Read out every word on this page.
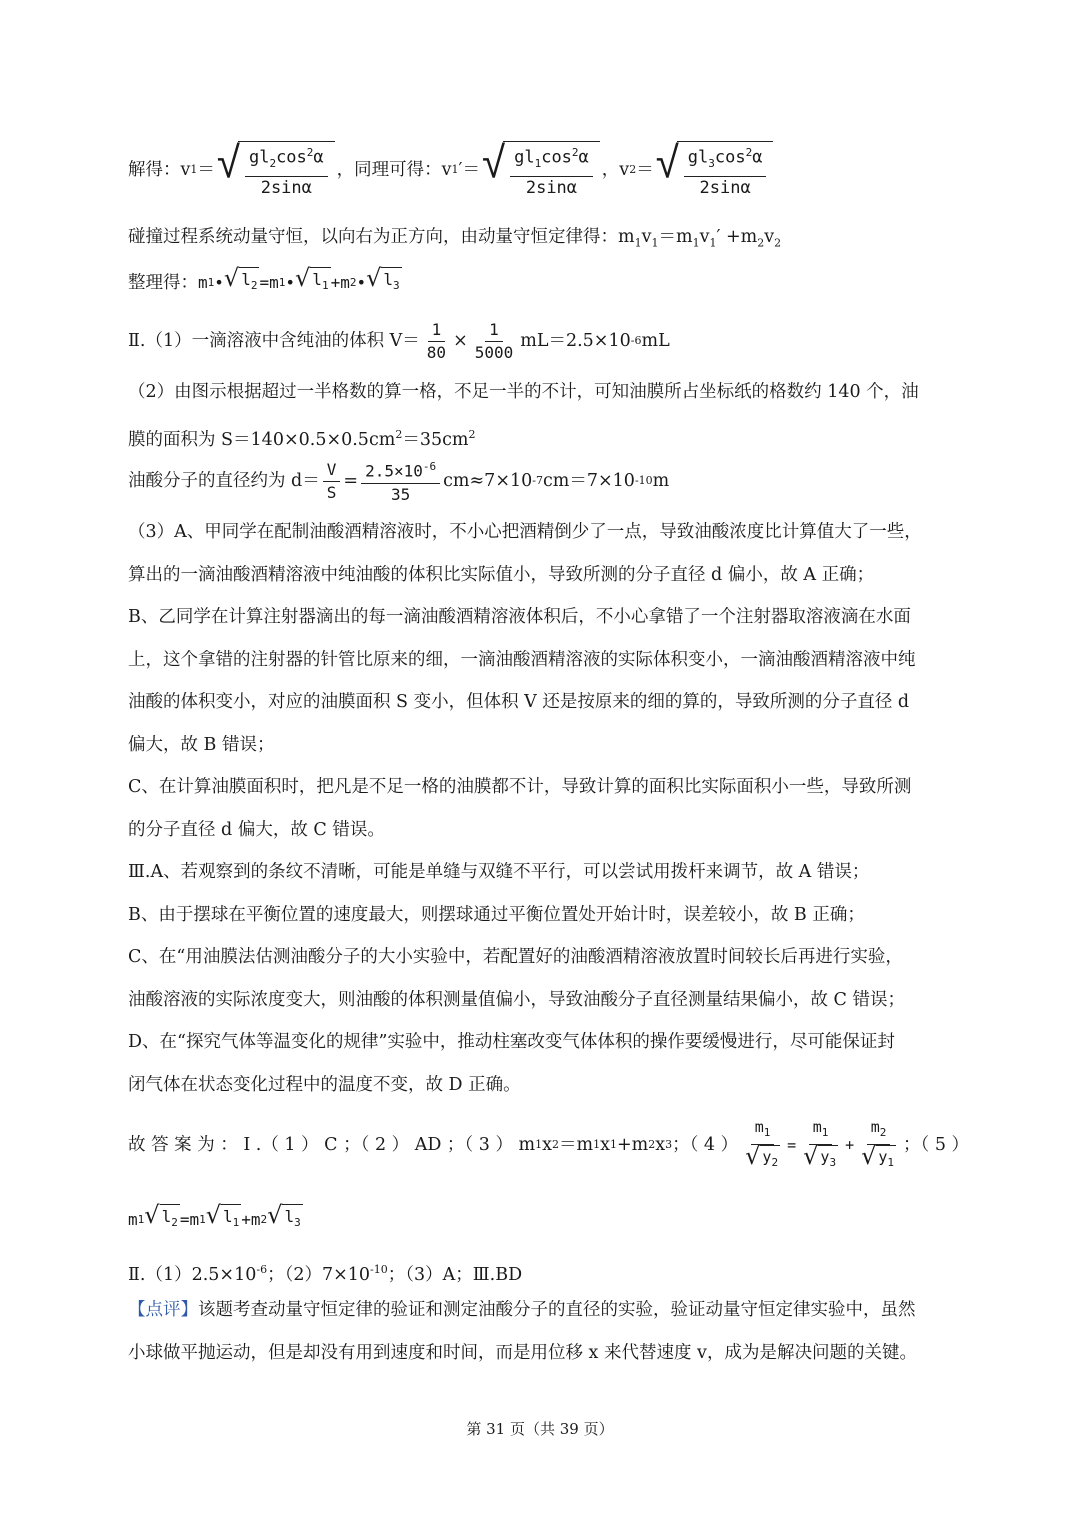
解得：v 1 ＝ √ $\frac{gl_2\cos^2\alpha}{2\sin\alpha}$ ，同理可得：v 1 ′＝ √ $\frac{gl_1\cos^2\alpha}{2\sin\alpha}$ ，v 2 ＝ √ $\frac{gl_3\cos^2\alpha}{2\sin\alpha}$
碰撞过程系统动量守恒，以向右为正方向，由动量守恒定律得：$m_1v_1=m_1v_1' +m_2v_2$
整理得： m 1 • √ $l_2 =m$ 1 • √ $l_1 +m$ 2 • √ $l_3$
Ⅱ.（1）一滴溶液中含纯油的体积 $V= \frac{1}{80} \times \frac{1}{5000} mL=2.5\times 10$ -6 mL
（2）由图示根据超过一半格数的算一格，不足一半的不计，可知油膜所占坐标纸的格数约 140 个，油
膜的面积为 $S=140\times 0.5\times 0.5cm^2=35cm^2$
油酸分子的直径约为 $d= \frac{V}{S} = \frac{2.5\times 10^{-6}}{35} cm\approx 7\times 10$ -7 cm＝7×10 -10 m
（3）A、甲同学在配制油酸酒精溶液时，不小心把酒精倒少了一点，导致油酸浓度比计算值大了一些，
算出的一滴油酸酒精溶液中纯油酸的体积比实际值小，导致所测的分子直径 d 偏小，故 A 正确；
B、乙同学在计算注射器滴出的每一滴油酸酒精溶液体积后，不小心拿错了一个注射器取溶液滴在水面
上，这个拿错的注射器的针管比原来的细，一滴油酸酒精溶液的实际体积变小，一滴油酸酒精溶液中纯
油酸的体积变小，对应的油膜面积 S 变小，但体积 V 还是按原来的细的算的，导致所测的分子直径 d
偏大，故 B 错误；
C、在计算油膜面积时，把凡是不足一格的油膜都不计，导致计算的面积比实际面积小一些，导致所测
的分子直径 d 偏大，故 C 错误。
Ⅲ.A、若观察到的条纹不清晰，可能是单缝与双缝不平行，可以尝试用拨杆来调节，故 A 错误；
B、由于摆球在平衡位置的速度最大，则摆球通过平衡位置处开始计时，误差较小，故 B 正确；
C、在“用油膜法估测油酸分子的大小实验中，若配置好的油酸酒精溶液放置时间较长后再进行实验，
油酸溶液的实际浓度变大，则油酸的体积测量值偏小，导致油酸分子直径测量结果偏小，故 C 错误；
D、在“探究气体等温变化的规律”实验中，推动柱塞改变气体体积的操作要缓慢进行，尽可能保证封
闭气体在状态变化过程中的温度不变，故 D 正确。
故 答 案 为 ： Ⅰ .（ 1 ） C ；（ 2 ） AD ；（ 3 ） m 1 x 2 ＝m 1 x 1 +m 2 x 3 ；（ 4 ） $\frac{m_1}{√ y_2} = \frac{m_1}{√ y_3} + \frac{m_2}{√ y_1}$ ；（ 5 ）
m 1 √ $l_2 =m$ 1 √ $l_1 +m$ 2 √ $l_3$
$Ⅱ.(1)2.5\times 10^{-6}$；$(2)7\times 10^{-10}$；（3）A；Ⅲ.BD
【点评】该题考查动量守恒定律的验证和测定油酸分子的直径的实验，验证动量守恒定律实验中，虽然
小球做平抛运动，但是却没有用到速度和时间，而是用位移 x 来代替速度 v，成为是解决问题的关键。
第 31 页（共 39 页）
